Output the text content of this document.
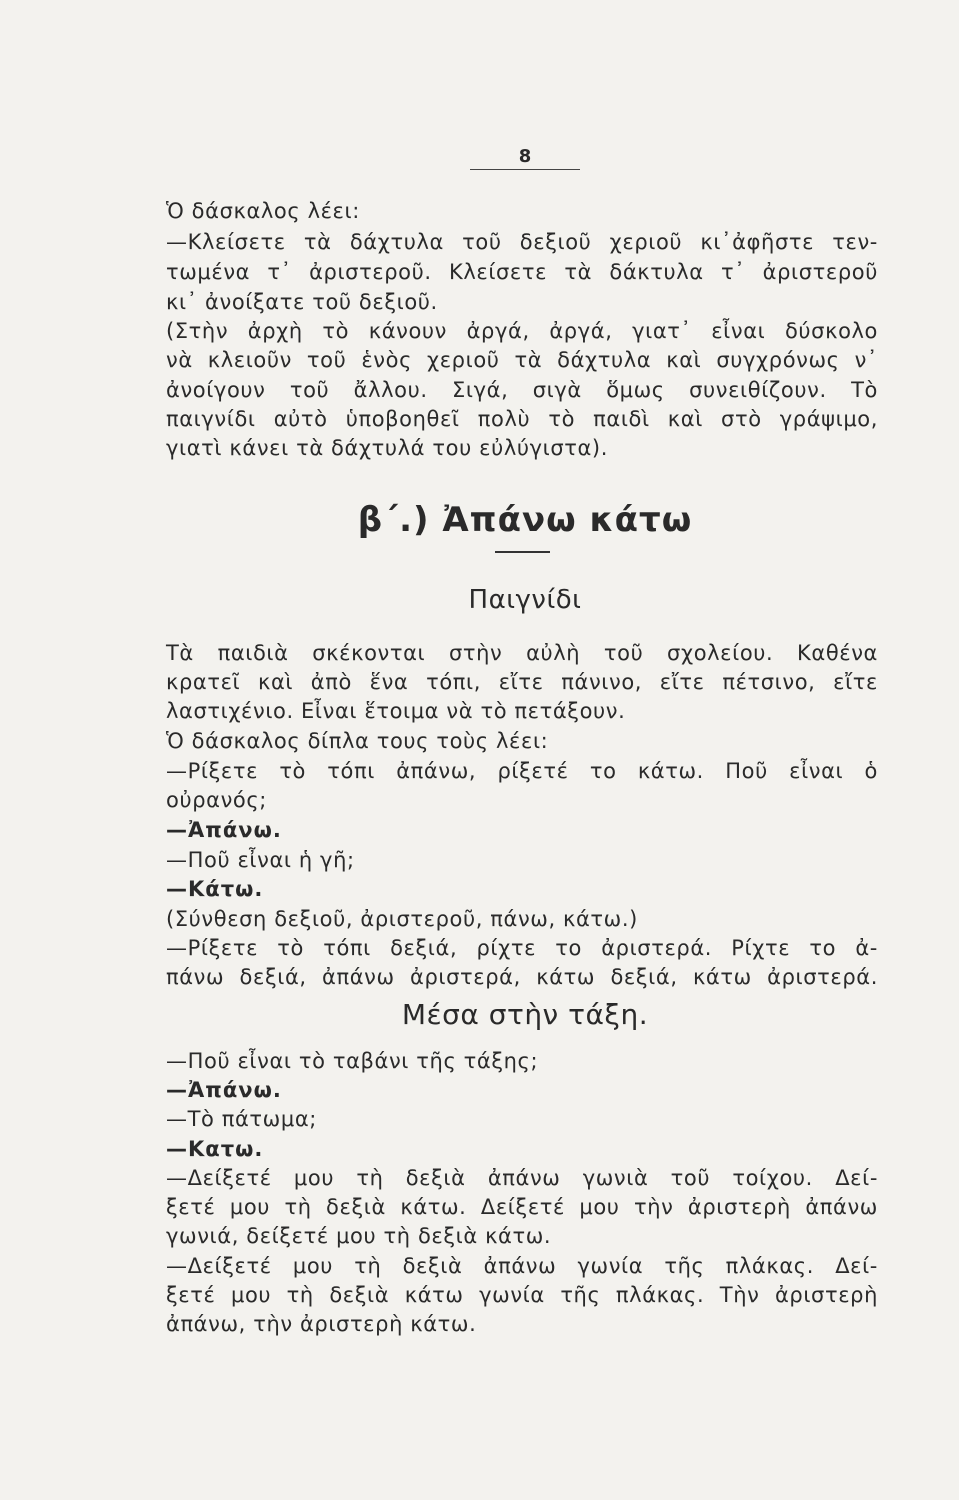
8

Ὁ δάσκαλος λέει:

—Κλείσετε τὰ δάχτυλα τοῦ δεξιοῦ χεριοῦ κι᾽ἀφῆστε τεν-

τωμένα τ᾽ ἀριστεροῦ. Κλείσετε τὰ δάκτυλα τ᾽ ἀριστεροῦ

κι᾽ ἀνοίξατε τοῦ δεξιοῦ.

(Στὴν ἀρχὴ τὸ κάνουν ἀργά, ἀργά, γιατ᾽ εἶναι δύσκολο

νὰ κλειοῦν τοῦ ἑνὸς χεριοῦ τὰ δάχτυλα καὶ συγχρόνως ν᾽

ἀνοίγουν τοῦ ἄλλου. Σιγά, σιγὰ ὅμως συνειθίζουν. Τὸ

παιγνίδι αὐτὸ ὑποβοηθεῖ πολὺ τὸ παιδὶ καὶ στὸ γράψιμο,

γιατὶ κάνει τὰ δάχτυλά του εὐλύγιστα).

β΄.) Ἀπάνω κάτω
Παιγνίδι

Τὰ παιδιὰ σκέκονται στὴν αὐλὴ τοῦ σχολείου. Καθένα

κρατεῖ καὶ ἀπὸ ἕνα τόπι, εἴτε πάνινο, εἴτε πέτσινο, εἴτε

λαστιχένιο. Εἶναι ἕτοιμα νὰ τὸ πετάξουν.

Ὁ δάσκαλος δίπλα τους τοὺς λέει:

—Ρίξετε τὸ τόπι ἀπάνω, ρίξετέ το κάτω. Ποῦ εἶναι ὁ

οὐρανός;

—Ἀπάνω.

—Ποῦ εἶναι ἡ γῆ;

—Κάτω.

(Σύνθεση δεξιοῦ, ἀριστεροῦ, πάνω, κάτω.)

—Ρίξετε τὸ τόπι δεξιά, ρίχτε το ἀριστερά. Ρίχτε το ἀ-

πάνω δεξιά, ἀπάνω ἀριστερά, κάτω δεξιά, κάτω ἀριστερά.

Μέσα στὴν τάξη.

—Ποῦ εἶναι τὸ ταβάνι τῆς τάξης;

—Ἀπάνω.

—Τὸ πάτωμα;

—Κατω.

—Δείξετέ μου τὴ δεξιὰ ἀπάνω γωνιὰ τοῦ τοίχου. Δεί-

ξετέ μου τὴ δεξιὰ κάτω. Δείξετέ μου τὴν ἀριστερὴ ἀπάνω

γωνιά, δείξετέ μου τὴ δεξιὰ κάτω.

—Δείξετέ μου τὴ δεξιὰ ἀπάνω γωνία τῆς πλάκας. Δεί-

ξετέ μου τὴ δεξιὰ κάτω γωνία τῆς πλάκας. Τὴν ἀριστερὴ

ἀπάνω, τὴν ἀριστερὴ κάτω.
